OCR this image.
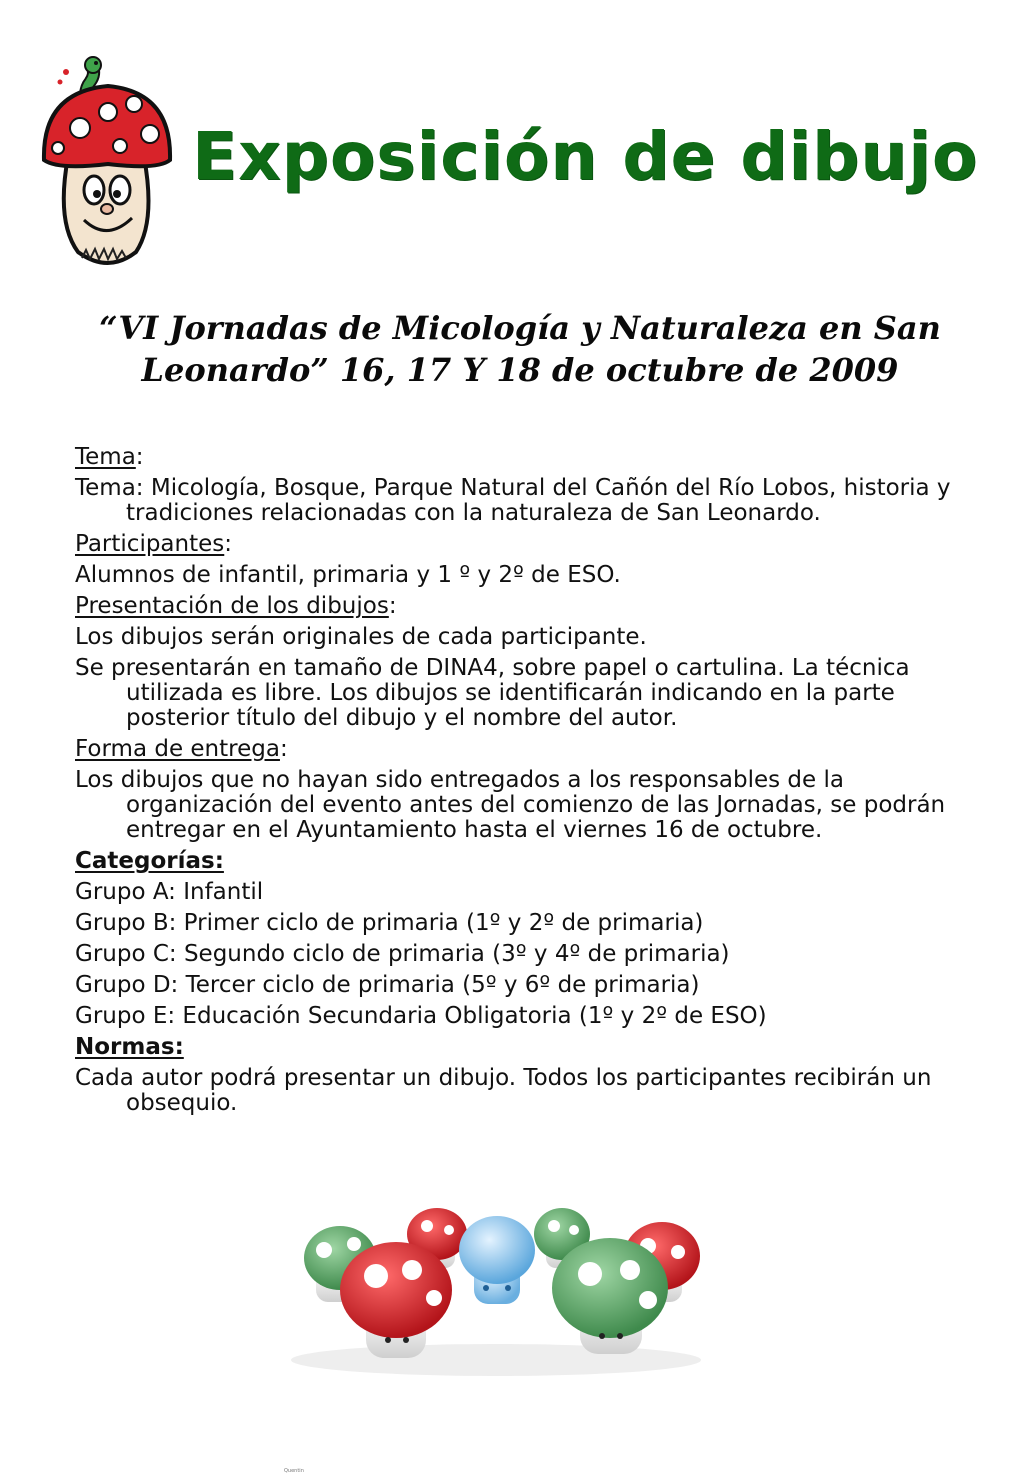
Exposición de dibujo
“VI Jornadas de Micología y Naturaleza en San Leonardo” 16, 17 Y 18 de octubre de 2009

Tema:

Tema: Micología, Bosque, Parque Natural del Cañón del Río Lobos, historia y tradiciones relacionadas con la naturaleza de San Leonardo.

Participantes:

Alumnos de infantil, primaria y 1 º y 2º de ESO.

Presentación de los dibujos:

Los dibujos serán originales de cada participante.

Se presentarán en tamaño de DINA4, sobre papel o cartulina. La técnica utilizada es libre. Los dibujos se identificarán indicando en la parte posterior título del dibujo y el nombre del autor.

Forma de entrega:

Los dibujos que no hayan sido entregados a los responsables de la organización del evento antes del comienzo de las Jornadas, se podrán entregar en el Ayuntamiento hasta el viernes 16 de octubre.

Categorías:

Grupo A: Infantil

Grupo B: Primer ciclo de primaria (1º y 2º de primaria)

Grupo C: Segundo ciclo de primaria (3º y 4º de primaria)

Grupo D: Tercer ciclo de primaria (5º y 6º de primaria)

Grupo E: Educación Secundaria Obligatoria (1º y 2º de ESO)

Normas:

Cada autor podrá presentar un dibujo. Todos los participantes recibirán un obsequio.

Quentin
